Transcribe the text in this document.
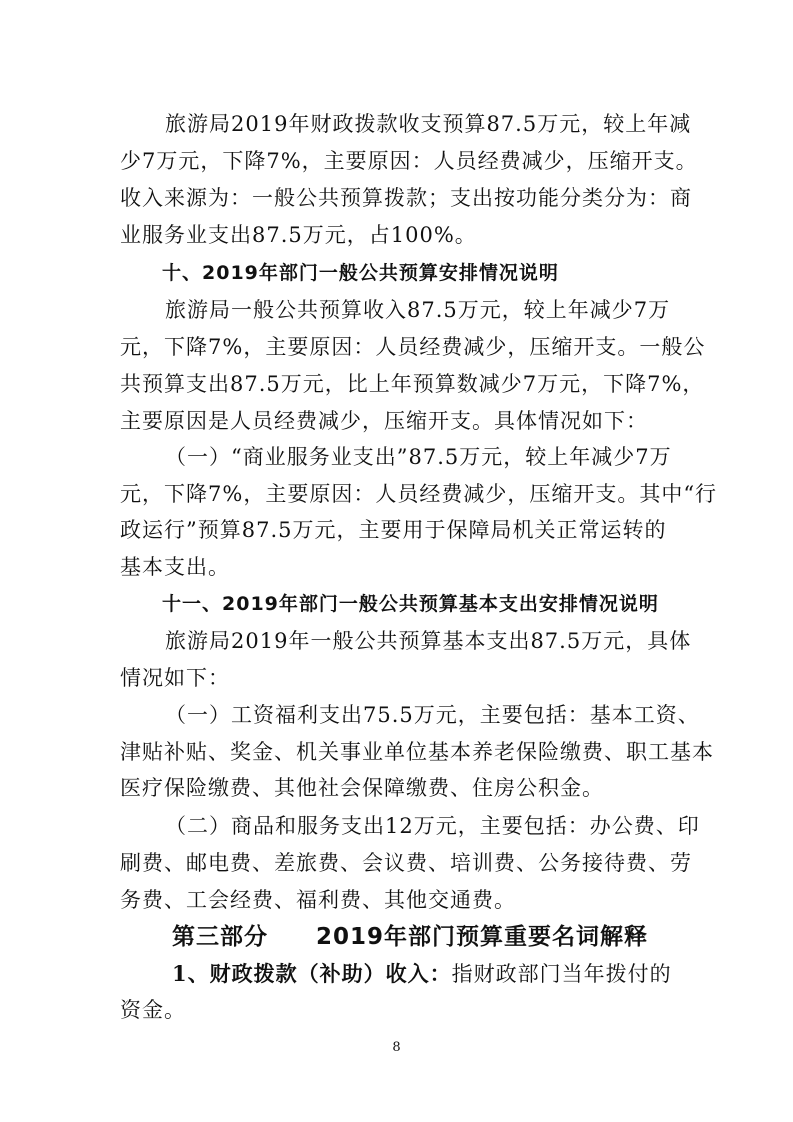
旅游局2019年财政拨款收支预算87.5万元，较上年减
少7万元，下降7%，主要原因：人员经费减少，压缩开支。
收入来源为：一般公共预算拨款；支出按功能分类分为：商
业服务业支出87.5万元，占100%。
十、2019年部门一般公共预算安排情况说明
旅游局一般公共预算收入87.5万元，较上年减少7万
元，下降7%，主要原因：人员经费减少，压缩开支。一般公
共预算支出87.5万元，比上年预算数减少7万元，下降7%，
主要原因是人员经费减少，压缩开支。具体情况如下：
（一）“商业服务业支出”87.5万元，较上年减少7万
元，下降7%，主要原因：人员经费减少，压缩开支。其中“行
政运行”预算87.5万元，主要用于保障局机关正常运转的
基本支出。
十一、2019年部门一般公共预算基本支出安排情况说明
旅游局2019年一般公共预算基本支出87.5万元，具体
情况如下：
（一）工资福利支出75.5万元，主要包括：基本工资、
津贴补贴、奖金、机关事业单位基本养老保险缴费、职工基本
医疗保险缴费、其他社会保障缴费、住房公积金。
（二）商品和服务支出12万元，主要包括：办公费、印
刷费、邮电费、差旅费、会议费、培训费、公务接待费、劳
务费、工会经费、福利费、其他交通费。
第三部分　　2019年部门预算重要名词解释
1、财政拨款（补助）收入：指财政部门当年拨付的
资金。
8
